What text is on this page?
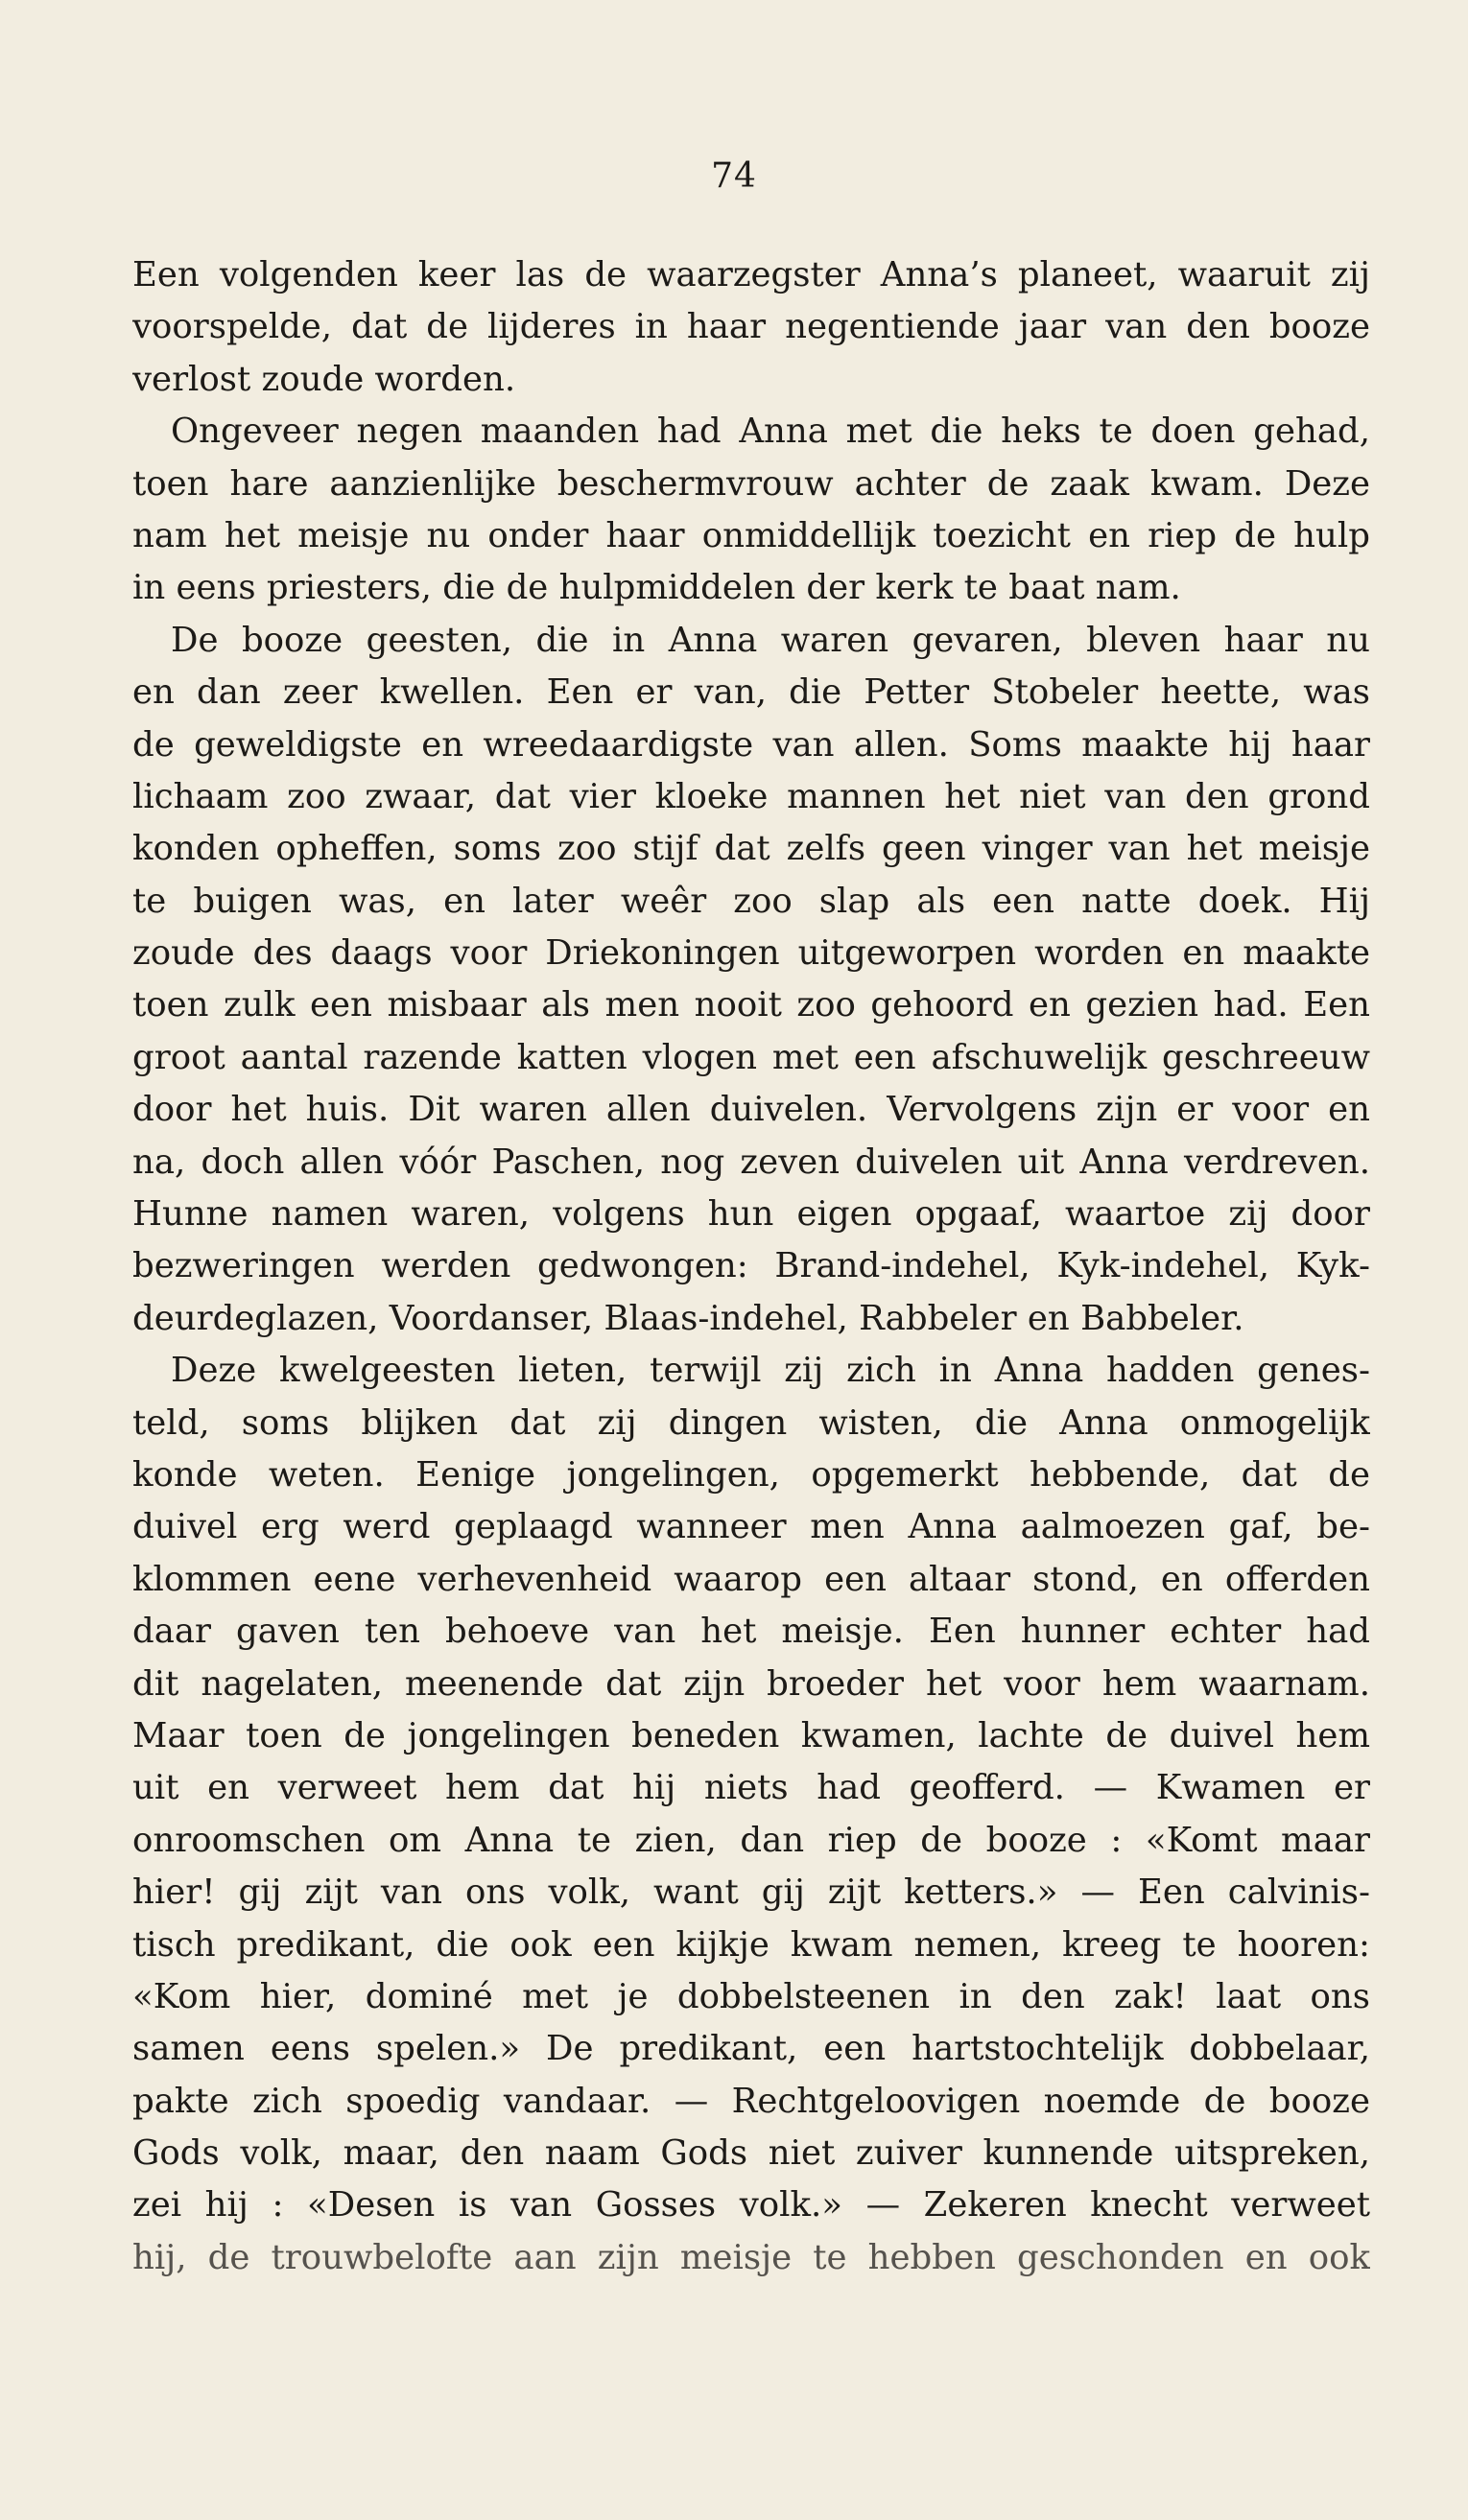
74
Een volgenden keer las de waarzegster Anna’s planeet, waaruit zij
voorspelde, dat de lijderes in haar negentiende jaar van den booze
verlost zoude worden.
Ongeveer negen maanden had Anna met die heks te doen gehad,
toen hare aanzienlijke beschermvrouw achter de zaak kwam. Deze
nam het meisje nu onder haar onmiddellijk toezicht en riep de hulp
in eens priesters, die de hulpmiddelen der kerk te baat nam.
De booze geesten, die in Anna waren gevaren, bleven haar nu
en dan zeer kwellen. Een er van, die Petter Stobeler heette, was
de geweldigste en wreedaardigste van allen. Soms maakte hij haar
lichaam zoo zwaar, dat vier kloeke mannen het niet van den grond
konden opheffen, soms zoo stijf dat zelfs geen vinger van het meisje
te buigen was, en later weêr zoo slap als een natte doek. Hij
zoude des daags voor Driekoningen uitgeworpen worden en maakte
toen zulk een misbaar als men nooit zoo gehoord en gezien had. Een
groot aantal razende katten vlogen met een afschuwelijk geschreeuw
door het huis. Dit waren allen duivelen. Vervolgens zijn er voor en
na, doch allen vóór Paschen, nog zeven duivelen uit Anna verdreven.
Hunne namen waren, volgens hun eigen opgaaf, waartoe zij door
bezweringen werden gedwongen: Brand-indehel, Kyk-indehel, Kyk-
deurdeglazen, Voordanser, Blaas-indehel, Rabbeler en Babbeler.
Deze kwelgeesten lieten, terwijl zij zich in Anna hadden genes-
teld, soms blijken dat zij dingen wisten, die Anna onmogelijk
konde weten. Eenige jongelingen, opgemerkt hebbende, dat de
duivel erg werd geplaagd wanneer men Anna aalmoezen gaf, be-
klommen eene verhevenheid waarop een altaar stond, en offerden
daar gaven ten behoeve van het meisje. Een hunner echter had
dit nagelaten, meenende dat zijn broeder het voor hem waarnam.
Maar toen de jongelingen beneden kwamen, lachte de duivel hem
uit en verweet hem dat hij niets had geofferd. — Kwamen er
onroomschen om Anna te zien, dan riep de booze : «Komt maar
hier! gij zijt van ons volk, want gij zijt ketters.» — Een calvinis-
tisch predikant, die ook een kijkje kwam nemen, kreeg te hooren:
«Kom hier, dominé met je dobbelsteenen in den zak! laat ons
samen eens spelen.» De predikant, een hartstochtelijk dobbelaar,
pakte zich spoedig vandaar. — Rechtgeloovigen noemde de booze
Gods volk, maar, den naam Gods niet zuiver kunnende uitspreken,
zei hij : «Desen is van Gosses volk.» — Zekeren knecht verweet
hij, de trouwbelofte aan zijn meisje te hebben geschonden en ook
